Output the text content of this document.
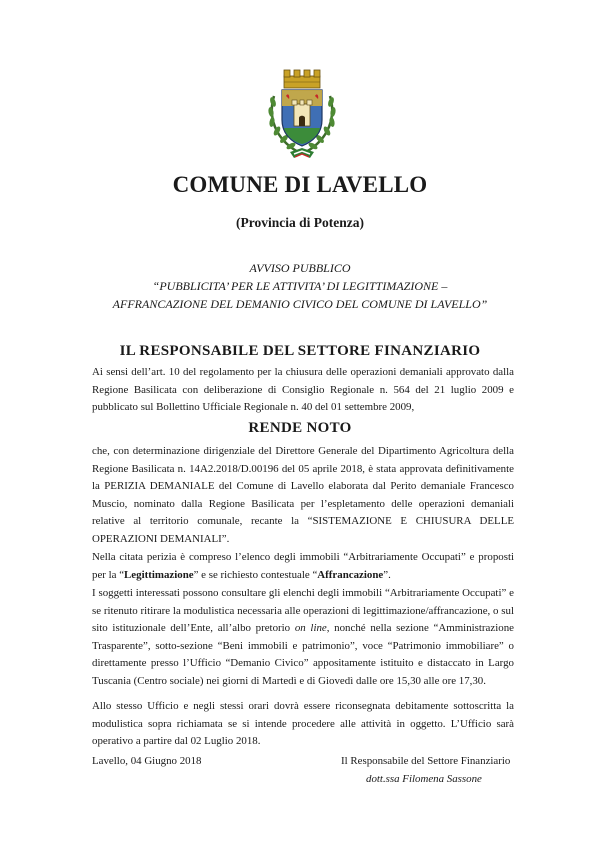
COMUNE DI LAVELLO
(Provincia di Potenza)
AVVISO PUBBLICO
“PUBBLICITA’ PER LE ATTIVITA’ DI LEGITTIMAZIONE –
AFFRANCAZIONE DEL DEMANIO CIVICO DEL COMUNE DI LAVELLO”
IL RESPONSABILE DEL SETTORE FINANZIARIO

Ai sensi dell’art. 10 del regolamento per la chiusura delle operazioni demaniali approvato dalla Regione Basilicata con deliberazione di Consiglio Regionale n. 564 del 21 luglio 2009 e pubblicato sul Bollettino Ufficiale Regionale n. 40 del 01 settembre 2009,

RENDE NOTO

che, con determinazione dirigenziale del Direttore Generale del Dipartimento Agricoltura della Regione Basilicata n. 14A2.2018/D.00196 del 05 aprile 2018, è stata approvata definitivamente la PERIZIA DEMANIALE del Comune di Lavello elaborata dal Perito demaniale Francesco Muscio, nominato dalla Regione Basilicata per l’espletamento delle operazioni demaniali relative al territorio comunale, recante la “SISTEMAZIONE E CHIUSURA DELLE OPERAZIONI DEMANIALI”.

Nella citata perizia è compreso l’elenco degli immobili “Arbitrariamente Occupati” e proposti per la “Legittimazione” e se richiesto contestuale “Affrancazione”.

I soggetti interessati possono consultare gli elenchi degli immobili “Arbitrariamente Occupati” e se ritenuto ritirare la modulistica necessaria alle operazioni di legittimazione/affrancazione, o sul sito istituzionale dell’Ente, all’albo pretorio on line, nonché nella sezione “Amministrazione Trasparente”, sotto-sezione “Beni immobili e patrimonio”, voce “Patrimonio immobiliare” o direttamente presso l’Ufficio “Demanio Civico” appositamente istituito e distaccato in Largo Tuscania (Centro sociale) nei giorni di Martedì e di Giovedì dalle ore 15,30 alle ore 17,30.

Allo stesso Ufficio e negli stessi orari dovrà essere riconsegnata debitamente sottoscritta la modulistica sopra richiamata se si intende procedere alle attività in oggetto. L’Ufficio sarà operativo a partire dal 02 Luglio 2018.

Lavello, 04 Giugno 2018	Il Responsabile del Settore Finanziario
dott.ssa Filomena Sassone
